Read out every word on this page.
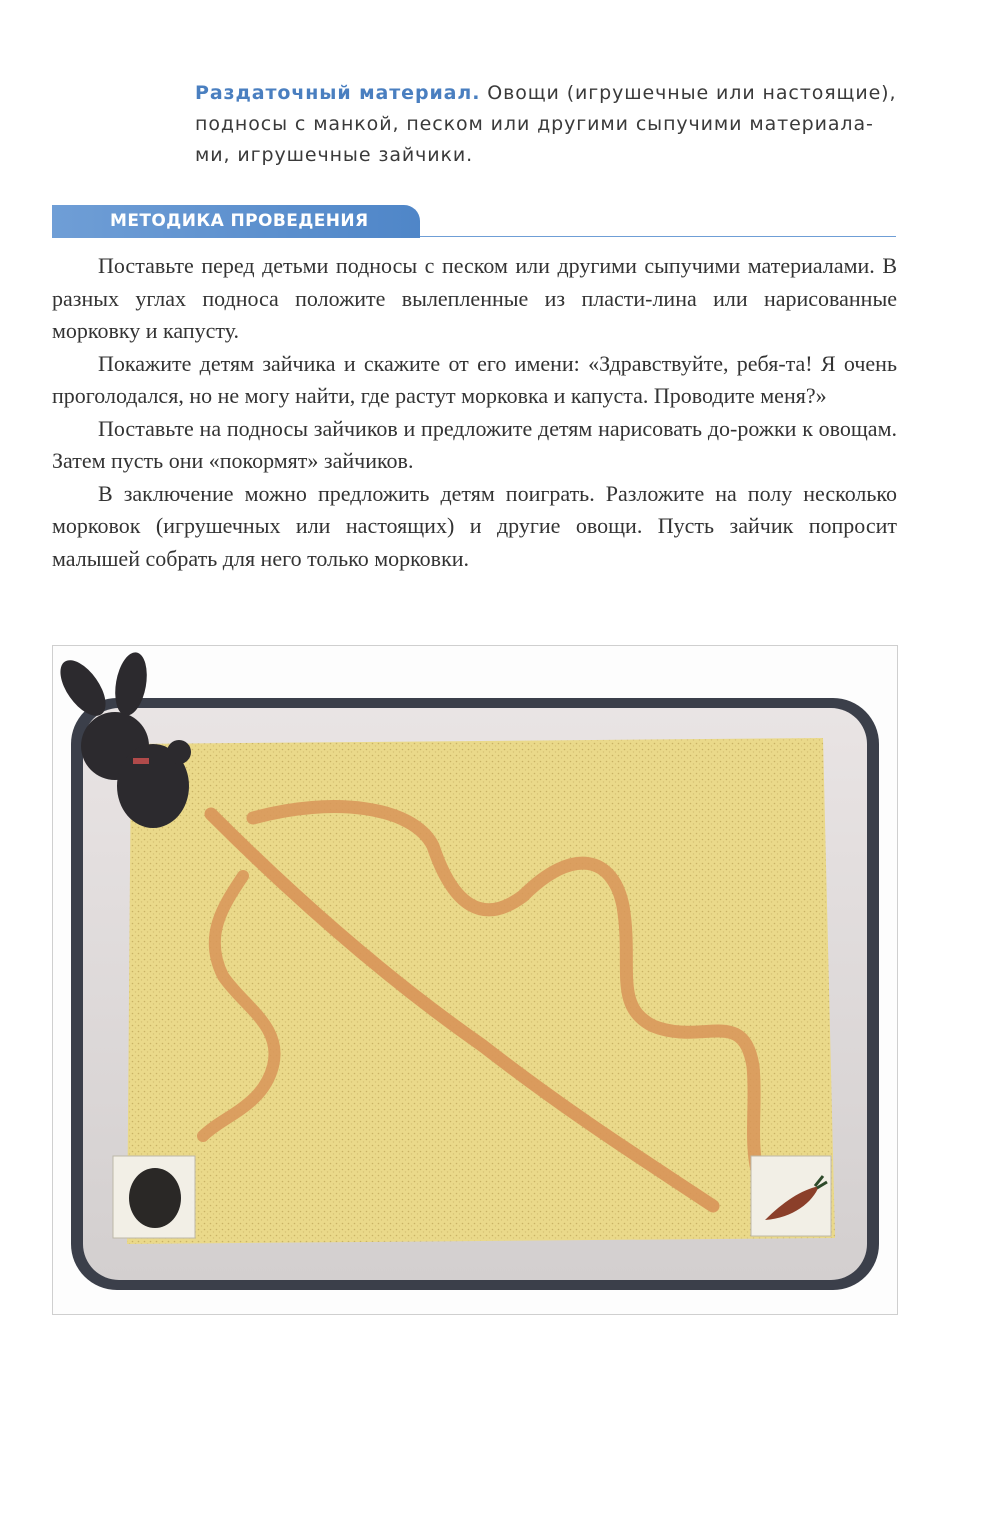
Раздаточный материал. Овощи (игрушечные или настоящие), подносы с манкой, песком или другими сыпучими материала-ми, игрушечные зайчики.
МЕТОДИКА ПРОВЕДЕНИЯ

Поставьте перед детьми подносы с песком или другими сыпучими материалами. В разных углах подноса положите вылепленные из пласти-лина или нарисованные морковку и капусту.

Покажите детям зайчика и скажите от его имени: «Здравствуйте, ребя-та! Я очень проголодался, но не могу найти, где растут морковка и капуста. Проводите меня?»

Поставьте на подносы зайчиков и предложите детям нарисовать до-рожки к овощам. Затем пусть они «покормят» зайчиков.

В заключение можно предложить детям поиграть. Разложите на полу несколько морковок (игрушечных или настоящих) и другие овощи. Пусть зайчик попросит малышей собрать для него только морковки.
